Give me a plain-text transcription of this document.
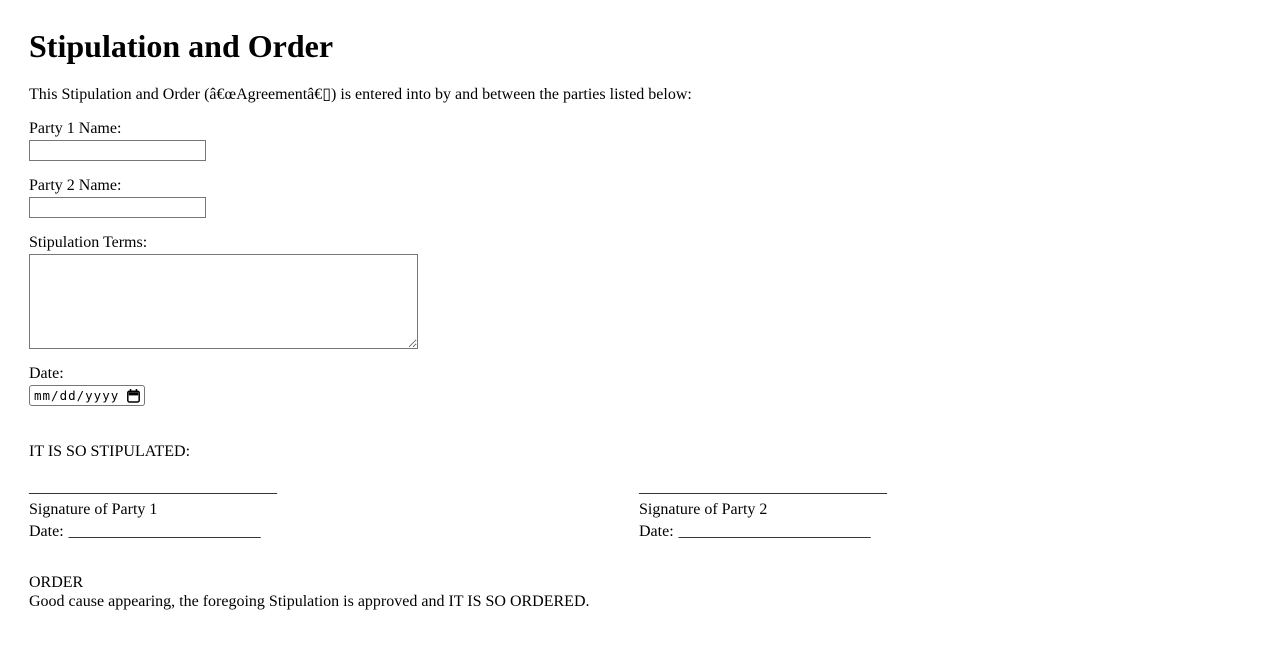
Stipulation and Order

This Stipulation and Order (â€œAgreementâ€▯) is entered into by and between the parties listed below:

Party 1 Name:
Party 2 Name:
Stipulation Terms:
Date:
mm/dd/yyyy

IT IS SO STIPULATED:

_______________________________
Signature of Party 1
Date: ________________________
_______________________________
Signature of Party 2
Date: ________________________
ORDER
Good cause appearing, the foregoing Stipulation is approved and IT IS SO ORDERED.
